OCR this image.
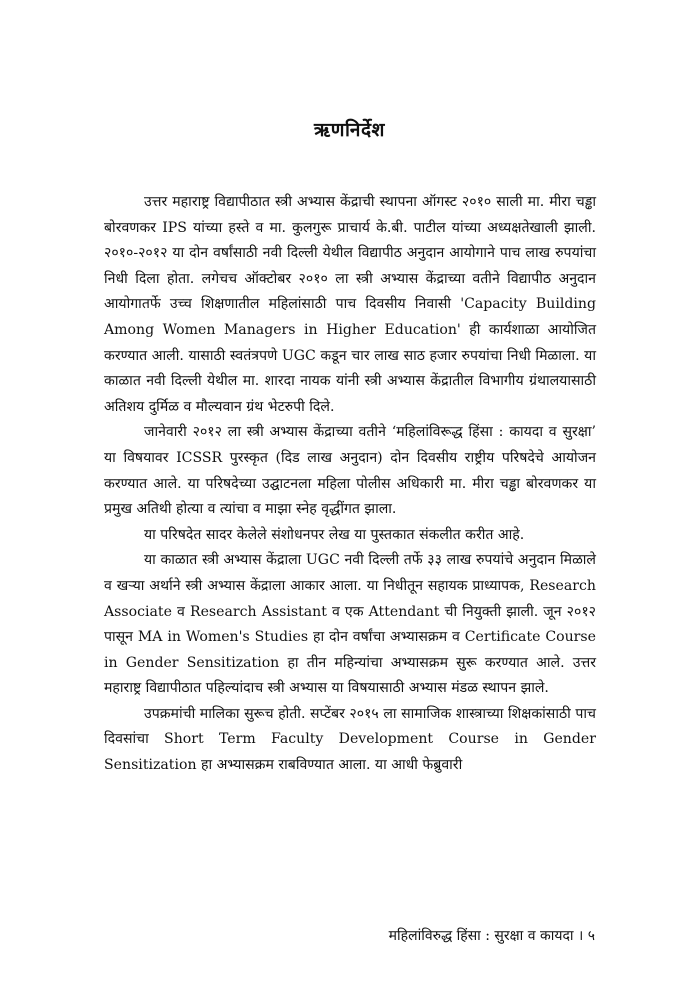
ऋणनिर्देश

उत्तर महाराष्ट्र विद्यापीठात स्त्री अभ्यास केंद्राची स्थापना ऑगस्ट २०१० साली मा. मीरा चड्ढा बोरवणकर IPS यांच्या हस्ते व मा. कुलगुरू प्राचार्य के.बी. पाटील यांच्या अध्यक्षतेखाली झाली. २०१०-२०१२ या दोन वर्षांसाठी नवी दिल्ली येथील विद्यापीठ अनुदान आयोगाने पाच लाख रुपयांचा निधी दिला होता. लगेचच ऑक्टोबर २०१० ला स्त्री अभ्यास केंद्राच्या वतीने विद्यापीठ अनुदान आयोगातर्फे उच्च शिक्षणातील महिलांसाठी पाच दिवसीय निवासी 'Capacity Building Among Women Managers in Higher Education' ही कार्यशाळा आयोजित करण्यात आली. यासाठी स्वतंत्रपणे UGC कडून चार लाख साठ हजार रुपयांचा निधी मिळाला. या काळात नवी दिल्ली येथील मा. शारदा नायक यांनी स्त्री अभ्यास केंद्रातील विभागीय ग्रंथालयासाठी अतिशय दुर्मिळ व मौल्यवान ग्रंथ भेटरुपी दिले.

जानेवारी २०१२ ला स्त्री अभ्यास केंद्राच्या वतीने ‘महिलांविरूद्ध हिंसा : कायदा व सुरक्षा’ या विषयावर ICSSR पुरस्कृत (दिड लाख अनुदान) दोन दिवसीय राष्ट्रीय परिषदेचे आयोजन करण्यात आले. या परिषदेच्या उद्घाटनला महिला पोलीस अधिकारी मा. मीरा चड्ढा बोरवणकर या प्रमुख अतिथी होत्या व त्यांचा व माझा स्नेह वृद्धींगत झाला.

या परिषदेत सादर केलेले संशोधनपर लेख या पुस्तकात संकलीत करीत आहे.

या काळात स्त्री अभ्यास केंद्राला UGC नवी दिल्ली तर्फे ३३ लाख रुपयांचे अनुदान मिळाले व खऱ्या अर्थाने स्त्री अभ्यास केंद्राला आकार आला. या निधीतून सहायक प्राध्यापक, Research Associate व Research Assistant व एक Attendant ची नियुक्ती झाली. जून २०१२ पासून MA in Women's Studies हा दोन वर्षांचा अभ्यासक्रम व Certificate Course in Gender Sensitization हा तीन महिन्यांचा अभ्यासक्रम सुरू करण्यात आले. उत्तर महाराष्ट्र विद्यापीठात पहिल्यांदाच स्त्री अभ्यास या विषयासाठी अभ्यास मंडळ स्थापन झाले.

उपक्रमांची मालिका सुरूच होती. सप्टेंबर २०१५ ला सामाजिक शास्त्राच्या शिक्षकांसाठी पाच दिवसांचा Short Term Faculty Development Course in Gender Sensitization हा अभ्यासक्रम राबविण्यात आला. या आधी फेब्रुवारी

महिलांविरुद्ध हिंसा : सुरक्षा व कायदा । ५
